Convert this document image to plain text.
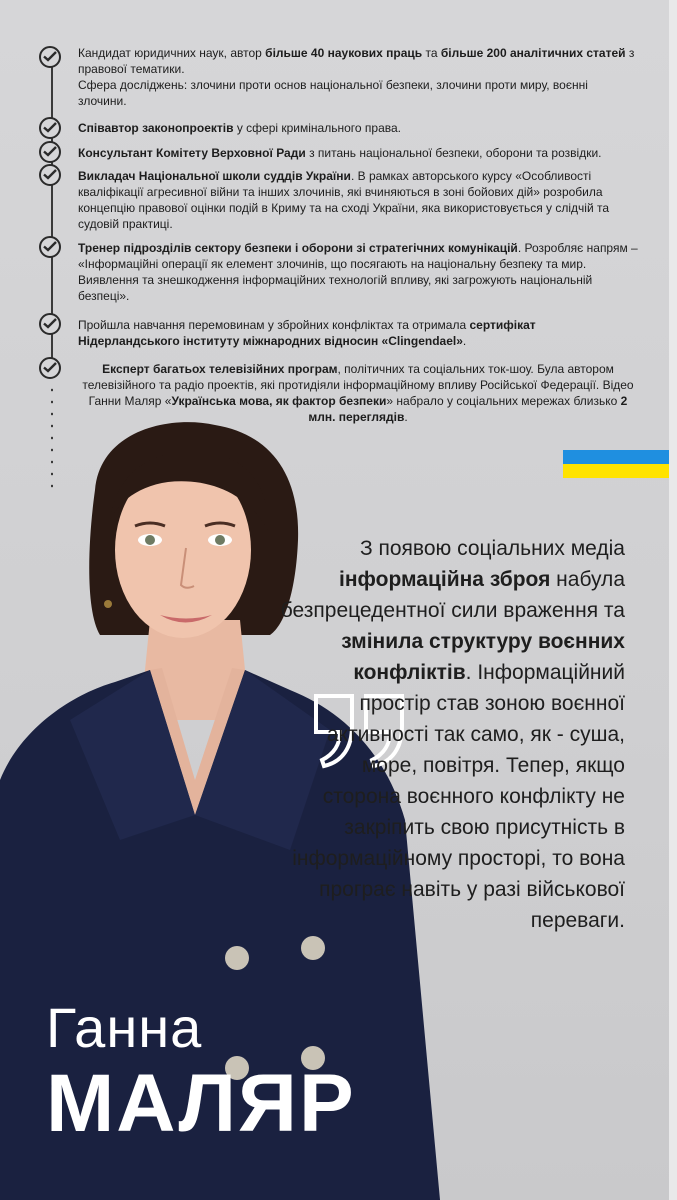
Кандидат юридичних наук, автор більше 40 наукових праць та більше 200 аналітичних статей з правової тематики.
Сфера досліджень: злочини проти основ національної безпеки, злочини проти миру, воєнні злочини.
Співавтор законопроектів у сфері кримінального права.
Консультант Комітету Верховної Ради з питань національної безпеки, оборони та розвідки.
Викладач Національної школи суддів України. В рамках авторського курсу «Особливості кваліфікації агресивної війни та інших злочинів, які вчиняються в зоні бойових дій» розробила концепцію правової оцінки подій в Криму та на сході України, яка використовується у слідчій та судовій практиці.
Тренер підрозділів сектору безпеки і оборони зі стратегічних комунікацій. Розробляє напрям – «Інформаційні операції як елемент злочинів, що посягають на національну безпеку та мир. Виявлення та знешкодження інформаційних технологій впливу, які загрожують національній безпеці».
Пройшла навчання перемовинам у збройних конфліктах та отримала сертифікат Нідерландського інституту міжнародних відносин «Clingendael».
Експерт багатьох телевізійних програм, політичних та соціальних ток-шоу. Була автором телевізійного та радіо проектів, які протидіяли інформаційному впливу Російської Федерації. Відео Ганни Маляр «Українська мова, як фактор безпеки» набрало у соціальних мережах близько 2 млн. переглядів.
З появою соціальних медіа інформаційна зброя набула безпрецедентної сили враження та змінила структуру воєнних конфліктів. Інформаційний простір став зоною воєнної активності так само, як - суша, море, повітря. Тепер, якщо сторона воєнного конфлікту не закріпить свою присутність в інформаційному просторі, то вона програє навіть у разі військової переваги.
Ганна
МАЛЯР
